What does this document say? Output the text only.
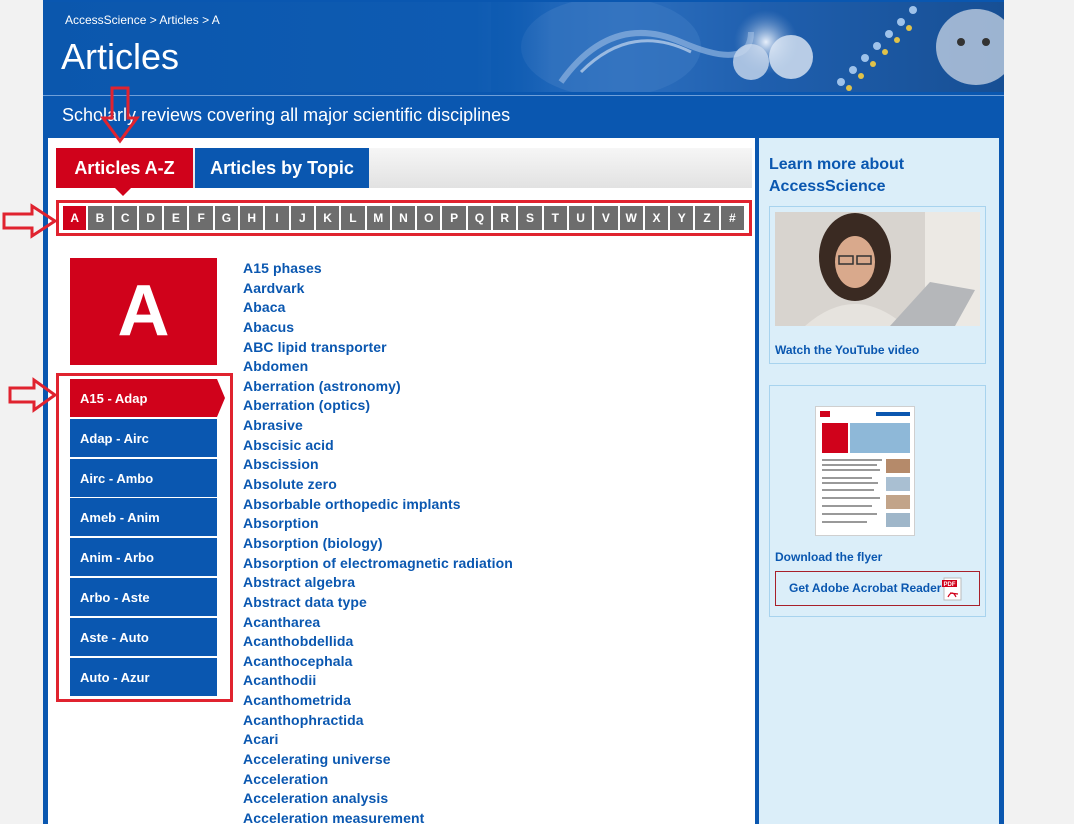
AccessScience > Articles > A
Articles
Scholarly reviews covering all major scientific disciplines
Articles A-Z	Articles by Topic
A	B	C	D	E	F	G	H	I	J	K	L	M	N	O	P	Q	R	S	T	U	V	W	X	Y	Z	#
A
A15 - Adap
Adap - Airc
Airc - Ambo
Ameb - Anim
Anim - Arbo
Arbo - Aste
Aste - Auto
Auto - Azur
A15 phases
Aardvark
Abaca
Abacus
ABC lipid transporter
Abdomen
Aberration (astronomy)
Aberration (optics)
Abrasive
Abscisic acid
Abscission
Absolute zero
Absorbable orthopedic implants
Absorption
Absorption (biology)
Absorption of electromagnetic radiation
Abstract algebra
Abstract data type
Acantharea
Acanthobdellida
Acanthocephala
Acanthodii
Acanthometrida
Acanthophractida
Acari
Accelerating universe
Acceleration
Acceleration analysis
Acceleration measurement
Learn more about AccessScience
Watch the YouTube video
Download the flyer
Get Adobe Acrobat Reader PDF
